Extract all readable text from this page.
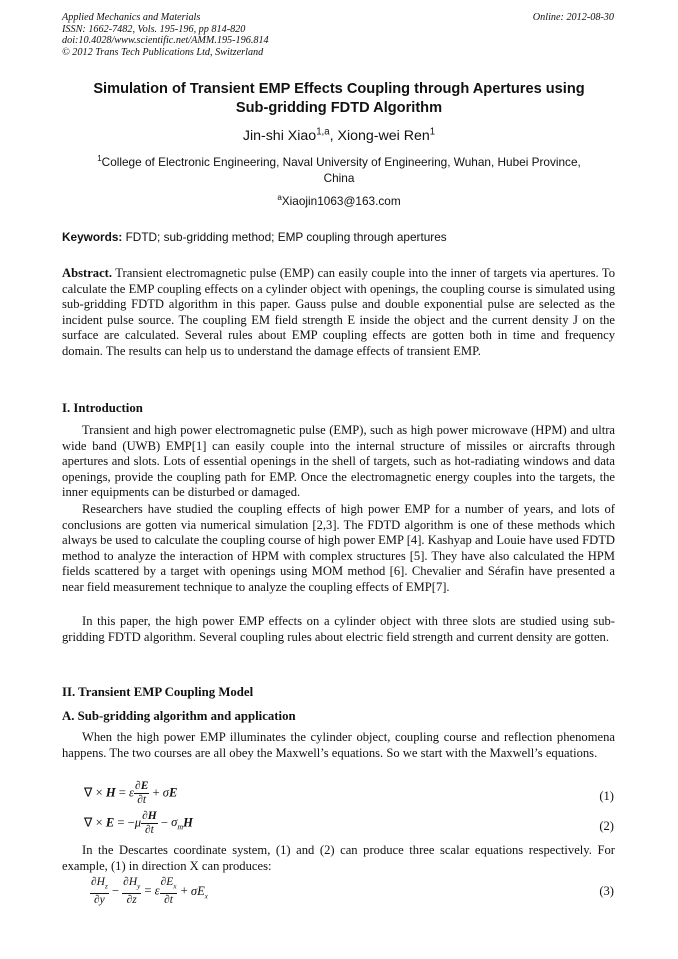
Applied Mechanics and Materials
ISSN: 1662-7482, Vols. 195-196, pp 814-820
doi:10.4028/www.scientific.net/AMM.195-196.814
© 2012 Trans Tech Publications Ltd, Switzerland
Online: 2012-08-30
Simulation of Transient EMP Effects Coupling through Apertures using
Sub-gridding FDTD Algorithm
Jin-shi Xiao$^{1,a}$, Xiong-wei Ren$^1$
$^1$College of Electronic Engineering, Naval University of Engineering, Wuhan, Hubei Province,
China
$^a$Xiaojin1063@163.com
Keywords: FDTD; sub-gridding method; EMP coupling through apertures
Abstract. Transient electromagnetic pulse (EMP) can easily couple into the inner of targets via apertures. To calculate the EMP coupling effects on a cylinder object with openings, the coupling course is simulated using sub-gridding FDTD algorithm in this paper. Gauss pulse and double exponential pulse are selected as the incident pulse source. The coupling EM field strength E inside the object and the current density J on the surface are calculated. Several rules about EMP coupling effects are gotten both in time and frequency domain. The results can help us to understand the damage effects of transient EMP.
I. Introduction
Transient and high power electromagnetic pulse (EMP), such as high power microwave (HPM) and ultra wide band (UWB) EMP[1] can easily couple into the internal structure of missiles or aircrafts through apertures and slots. Lots of essential openings in the shell of targets, such as hot-radiating windows and data openings, provide the coupling path for EMP. Once the electromagnetic energy couples into the targets, the inner equipments can be disturbed or damaged.
Researchers have studied the coupling effects of high power EMP for a number of years, and lots of conclusions are gotten via numerical simulation [2,3]. The FDTD algorithm is one of these methods which always be used to calculate the coupling course of high power EMP [4]. Kashyap and Louie have used FDTD method to analyze the interaction of HPM with complex structures [5]. They have also calculated the HPM fields scattered by a target with openings using MOM method [6]. Chevalier and Sérafin have presented a near field measurement technique to analyze the coupling effects of EMP[7].
In this paper, the high power EMP effects on a cylinder object with three slots are studied using sub-gridding FDTD algorithm. Several coupling rules about electric field strength and current density are gotten.
II. Transient EMP Coupling Model
A. Sub-gridding algorithm and application
When the high power EMP illuminates the cylinder object, coupling course and reflection phenomena happens. The two courses are all obey the Maxwell’s equations. So we start with the Maxwell’s equations.
∇ × H = ε $\frac{\partial E}{\partial t} + \sigma E$	(1)
∇ × $E = -\mu \frac{\partial H}{\partial t} - \sigma_mH$	(2)
In the Descartes coordinate system, (1) and (2) can produce three scalar equations respectively. For example, (1) in direction X can produces:
$\frac{\partial H_z}{\partial y} - \frac{\partial H_y}{\partial z} = \varepsilon \frac{\partial E_x}{\partial t} + \sigma E_x$	(3)
